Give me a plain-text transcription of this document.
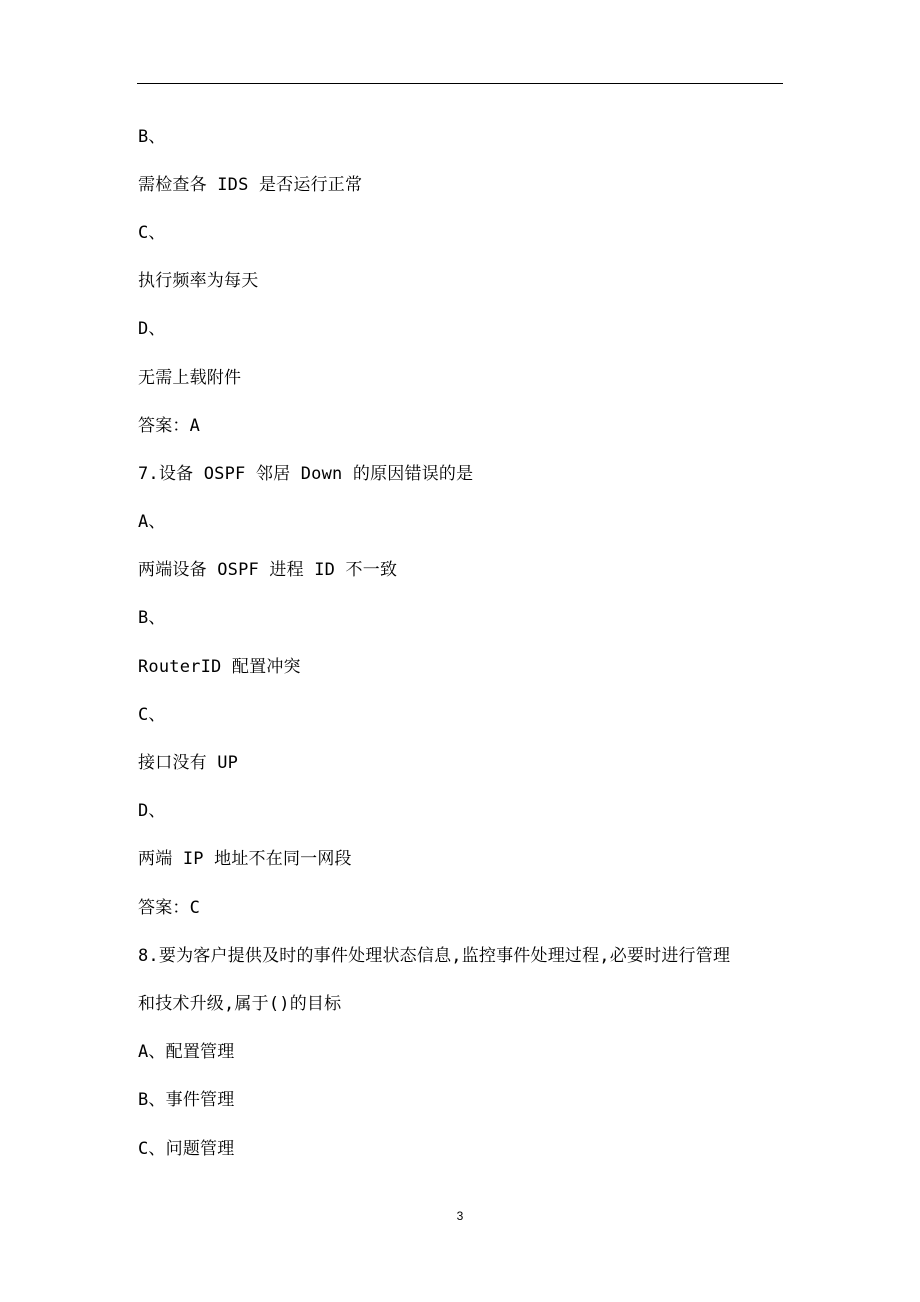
B、
需检查各 IDS 是否运行正常
C、
执行频率为每天
D、
无需上载附件
答案：A
7.设备 OSPF 邻居 Down 的原因错误的是
A、
两端设备 OSPF 进程 ID 不一致
B、
RouterID 配置冲突
C、
接口没有 UP
D、
两端 IP 地址不在同一网段
答案：C
8.要为客户提供及时的事件处理状态信息,监控事件处理过程,必要时进行管理
和技术升级,属于()的目标
A、配置管理
B、事件管理
C、问题管理
3
